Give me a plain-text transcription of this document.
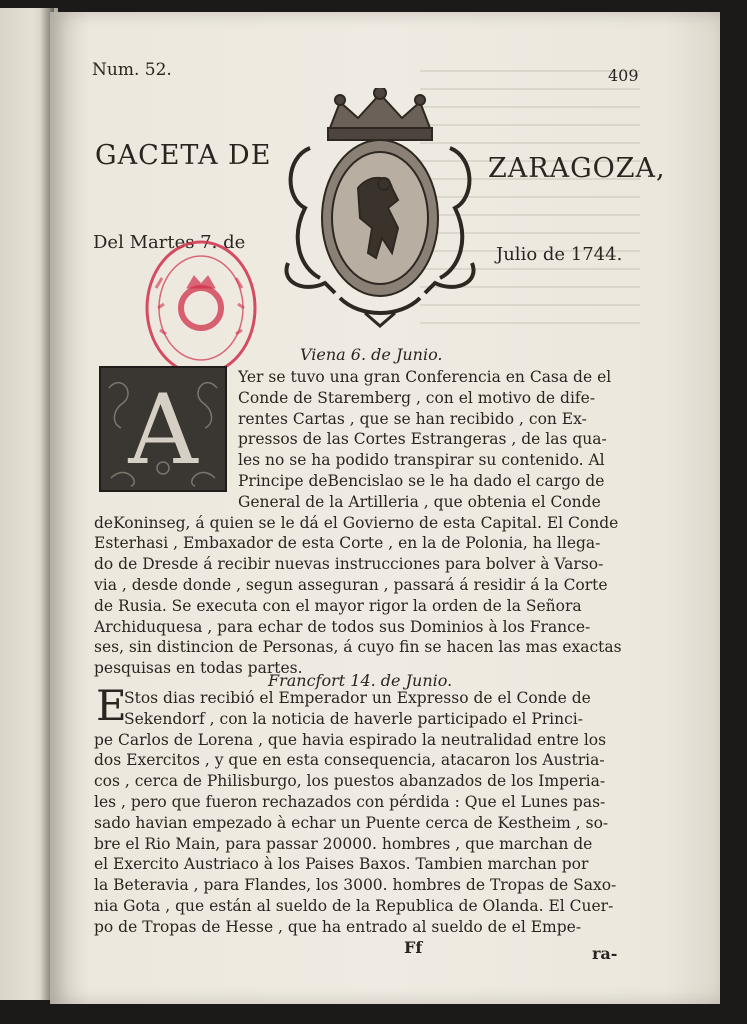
Num. 52.	409
GACETA DE	ZARAGOZA,
Del Martes 7. de
Julio de 1744.
A
Viena 6. de Junio.
Yer se tuvo una gran Conferencia en Casa de el
Conde de Staremberg , con el motivo de dife-
rentes Cartas , que se han recibido , con Ex-
pressos de las Cortes Estrangeras , de las qua-
les no se ha podido transpirar su contenido. Al
Principe deBencislao se le ha dado el cargo de
General de la Artilleria , que obtenia el Conde
deKoninseg, á quien se le dá el Govierno de esta Capital. El Conde
Esterhasi , Embaxador de esta Corte , en la de Polonia, ha llega-
do de Dresde á recibir nuevas instrucciones para bolver à Varso-
via , desde donde , segun asseguran , passará á residir á la Corte
de Rusia. Se executa con el mayor rigor la orden de la Señora
Archiduquesa , para echar de todos sus Dominios à los France-
ses, sin distincion de Personas, á cuyo fin se hacen las mas exactas
pesquisas en todas partes.
Francfort 14. de Junio.
E
Stos dias recibió el Emperador un Expresso de el Conde de
Sekendorf , con la noticia de haverle participado el Princi-
pe Carlos de Lorena , que havia espirado la neutralidad entre los
dos Exercitos , y que en esta consequencia, atacaron los Austria-
cos , cerca de Philisburgo, los puestos abanzados de los Imperia-
les , pero que fueron rechazados con pérdida : Que el Lunes pas-
sado havian empezado à echar un Puente cerca de Kestheim , so-
bre el Rio Main, para passar 20000. hombres , que marchan de
el Exercito Austriaco à los Paises Baxos. Tambien marchan por
la Beteravia , para Flandes, los 3000. hombres de Tropas de Saxo-
nia Gota , que están al sueldo de la Republica de Olanda. El Cuer-
po de Tropas de Hesse , que ha entrado al sueldo de el Empe-
Ff	ra-
